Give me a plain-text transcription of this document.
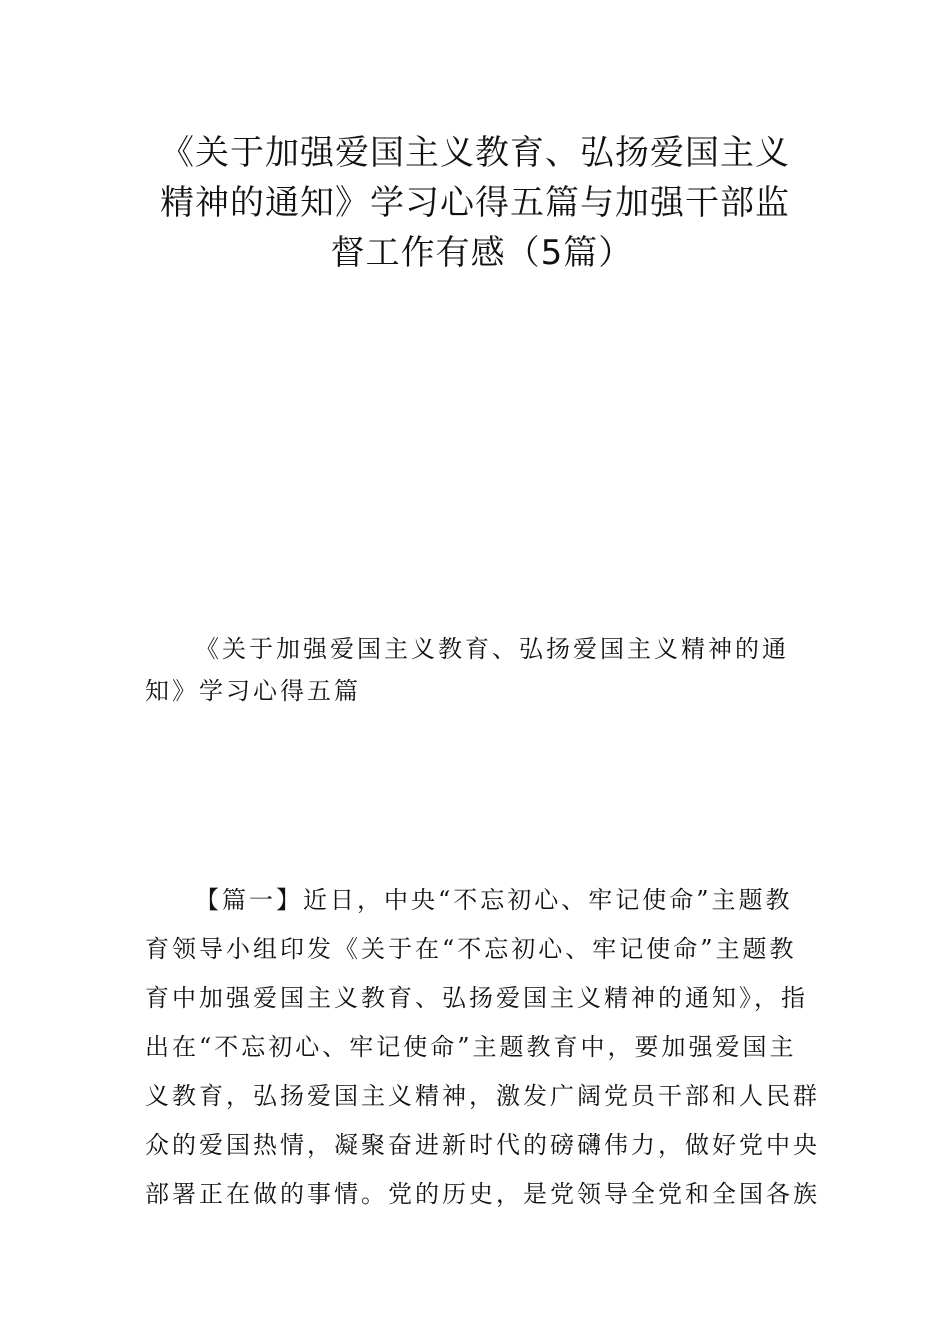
《关于加强爱国主义教育、弘扬爱国主义
精神的通知》学习心得五篇与加强干部监
督工作有感（5篇）
《关于加强爱国主义教育、弘扬爱国主义精神的通
知》学习心得五篇
【篇一】近日，中央“不忘初心、牢记使命”主题教
育领导小组印发《关于在“不忘初心、牢记使命”主题教
育中加强爱国主义教育、弘扬爱国主义精神的通知》，指
出在“不忘初心、牢记使命”主题教育中，要加强爱国主
义教育，弘扬爱国主义精神，激发广阔党员干部和人民群
众的爱国热情，凝聚奋进新时代的磅礴伟力，做好党中央
部署正在做的事情。党的历史，是党领导全党和全国各族
